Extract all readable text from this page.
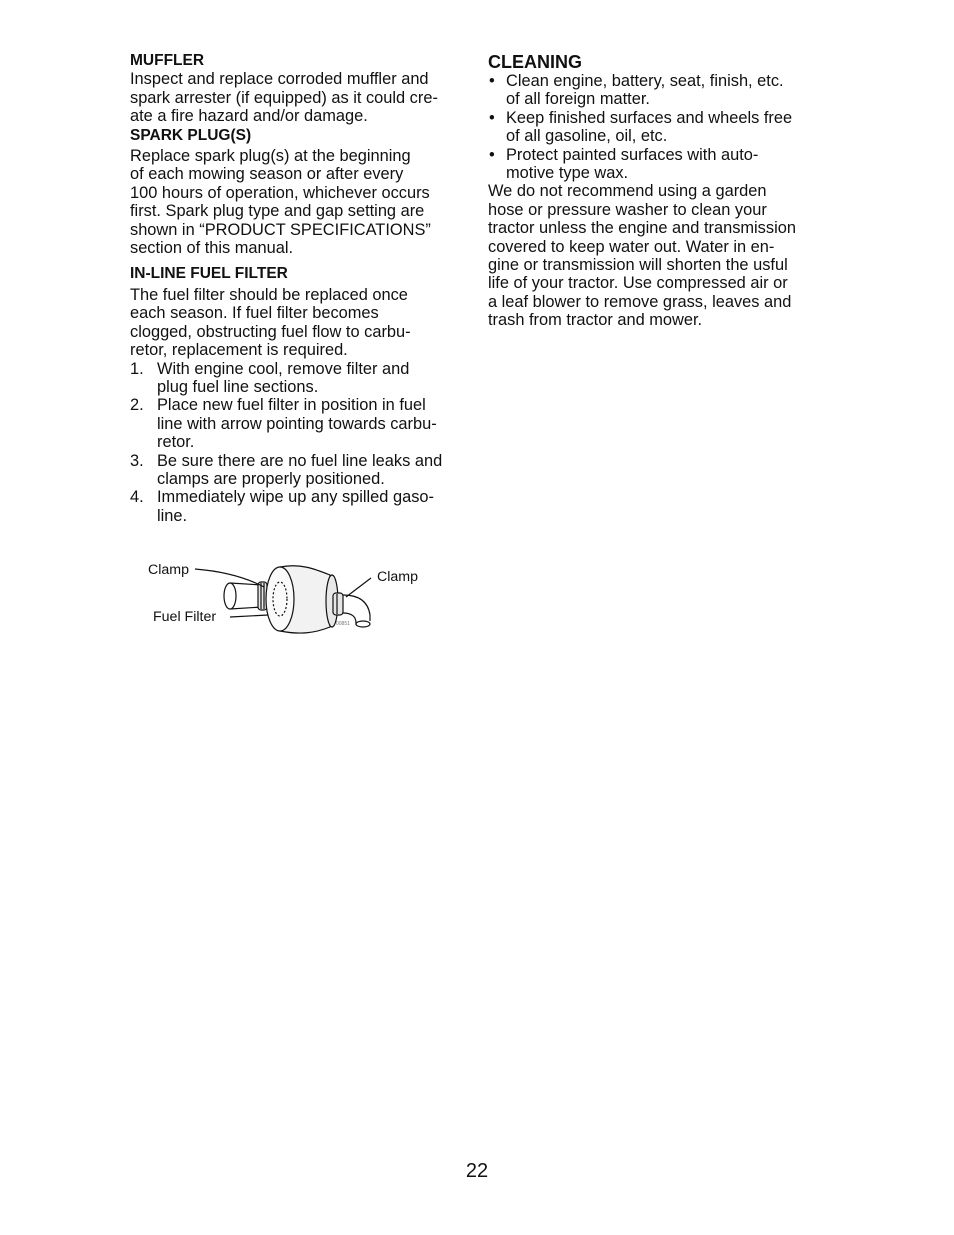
MUFFLER
Inspect and replace corroded muffler and
spark arrester (if equipped) as it could cre-
ate a fire hazard and/or damage.
SPARK PLUG(S)
Replace spark plug(s) at the beginning
of each mowing season or after every
100 hours of operation, whichever occurs
first. Spark plug type and gap setting are
shown in “PRODUCT SPECIFICATIONS”
section of this manual.
IN-LINE FUEL FILTER
The fuel filter should be replaced once
each season. If fuel filter becomes
clogged, obstructing fuel flow to carbu-
retor, replacement is required.
1. With engine cool, remove filter and
plug fuel line sections.
2. Place new fuel filter in position in fuel
line with arrow pointing towards carbu-
retor.
3. Be sure there are no fuel line leaks and
clamps are properly positioned.
4. Immediately wipe up any spilled gaso-
line.
00851
Clamp	Clamp
Fuel Filter
CLEANING
• Clean engine, battery, seat, finish, etc.
of all foreign matter.
• Keep finished surfaces and wheels free
of all gasoline, oil, etc.
• Protect painted surfaces with auto-
motive type wax.
We do not recommend using a garden
hose or pressure washer to clean your
tractor unless the engine and transmission
covered to keep water out. Water in en-
gine or transmission will shorten the usful
life of your tractor. Use compressed air or
a leaf blower to remove grass, leaves and
trash from tractor and mower.
22
